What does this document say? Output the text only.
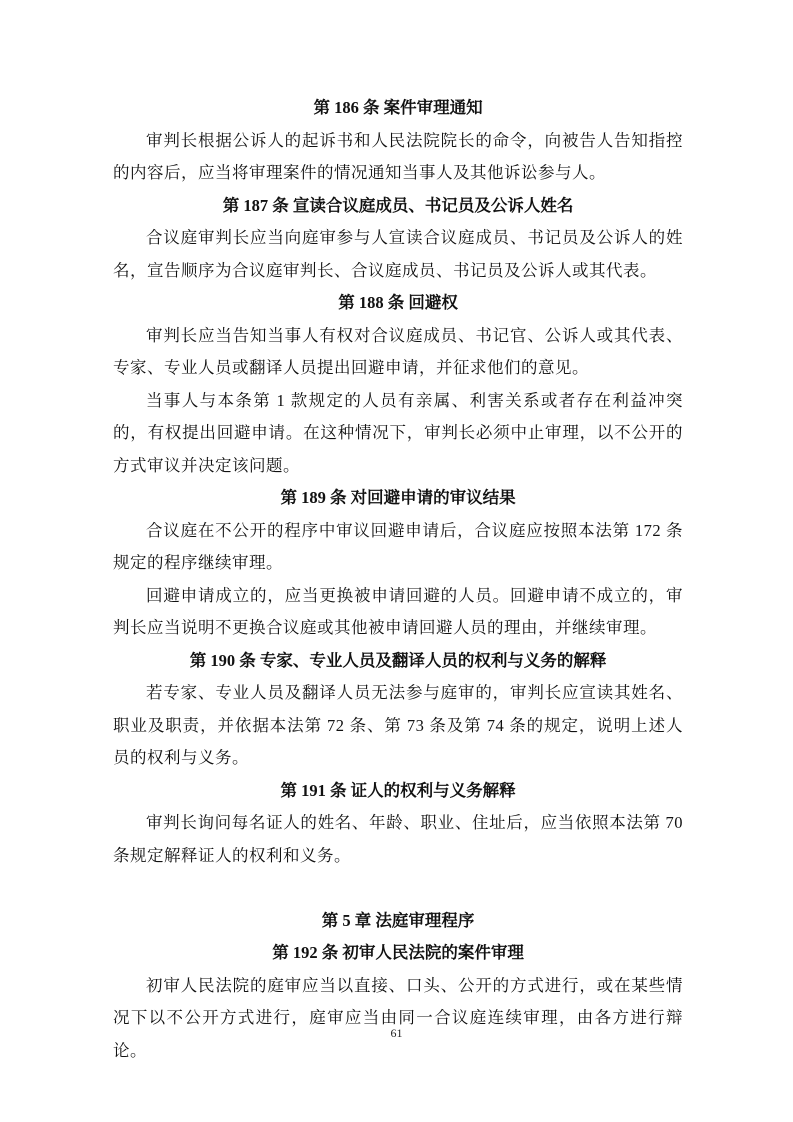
第 186 条 案件审理通知
审判长根据公诉人的起诉书和人民法院院长的命令，向被告人告知指控的内容后，应当将审理案件的情况通知当事人及其他诉讼参与人。
第 187 条 宣读合议庭成员、书记员及公诉人姓名
合议庭审判长应当向庭审参与人宣读合议庭成员、书记员及公诉人的姓名，宣告顺序为合议庭审判长、合议庭成员、书记员及公诉人或其代表。
第 188 条 回避权
审判长应当告知当事人有权对合议庭成员、书记官、公诉人或其代表、专家、专业人员或翻译人员提出回避申请，并征求他们的意见。
当事人与本条第 1 款规定的人员有亲属、利害关系或者存在利益冲突的，有权提出回避申请。在这种情况下，审判长必须中止审理，以不公开的方式审议并决定该问题。
第 189 条 对回避申请的审议结果
合议庭在不公开的程序中审议回避申请后，合议庭应按照本法第 172 条规定的程序继续审理。
回避申请成立的，应当更换被申请回避的人员。回避申请不成立的，审判长应当说明不更换合议庭或其他被申请回避人员的理由，并继续审理。
第 190 条 专家、专业人员及翻译人员的权利与义务的解释
若专家、专业人员及翻译人员无法参与庭审的，审判长应宣读其姓名、职业及职责，并依据本法第 72 条、第 73 条及第 74 条的规定，说明上述人员的权利与义务。
第 191 条 证人的权利与义务解释
审判长询问每名证人的姓名、年龄、职业、住址后，应当依照本法第 70 条规定解释证人的权利和义务。
第 5 章 法庭审理程序
第 192 条 初审人民法院的案件审理
初审人民法院的庭审应当以直接、口头、公开的方式进行，或在某些情况下以不公开方式进行，庭审应当由同一合议庭连续审理，由各方进行辩论。
61
